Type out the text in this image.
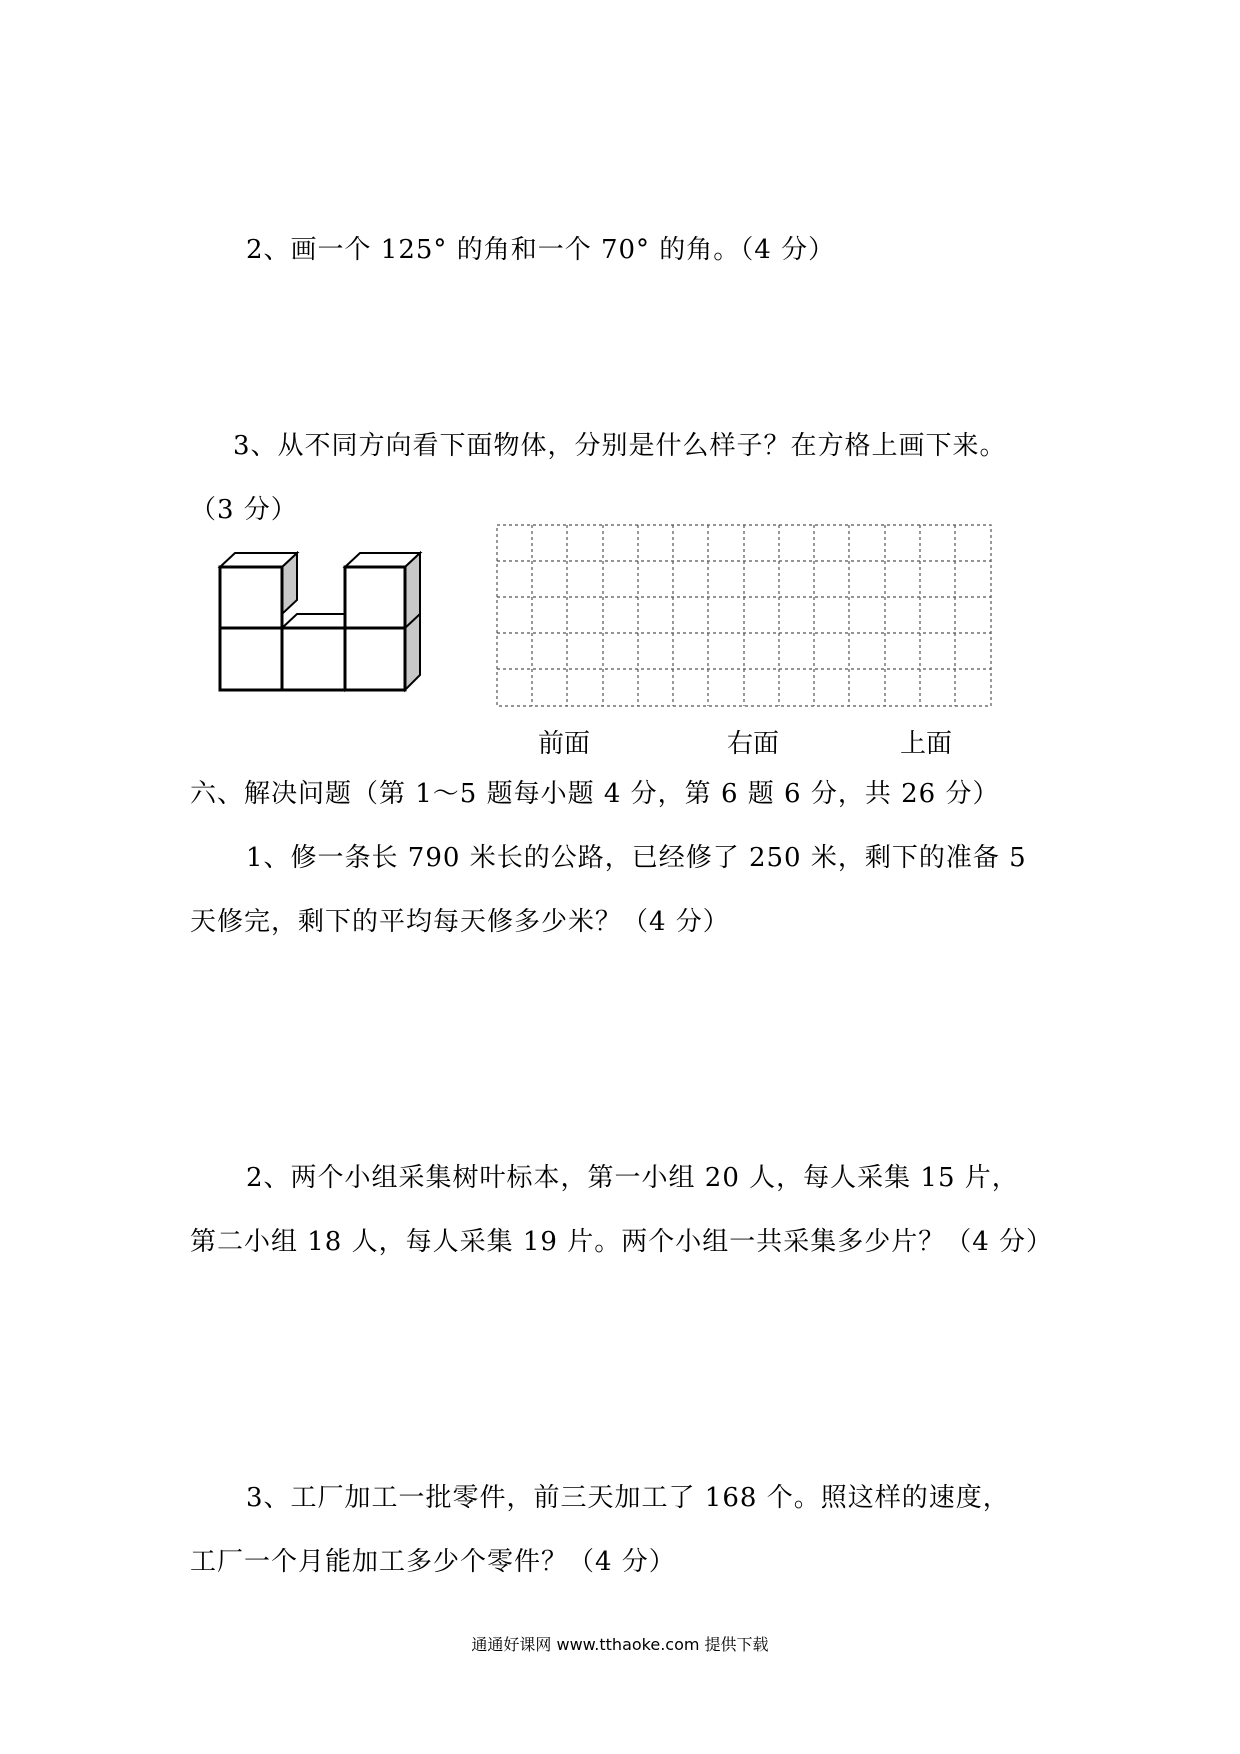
2、画一个 125° 的角和一个 70° 的角。（4 分）
3、从不同方向看下面物体，分别是什么样子？在方格上画下来。
（3 分）
前面	右面	上面
六、解决问题（第 1～5 题每小题 4 分，第 6 题 6 分，共 26 分）
1、修一条长 790 米长的公路，已经修了 250 米，剩下的准备 5
天修完，剩下的平均每天修多少米？（4 分）
2、两个小组采集树叶标本，第一小组 20 人，每人采集 15 片，
第二小组 18 人，每人采集 19 片。两个小组一共采集多少片？（4 分）
3、工厂加工一批零件，前三天加工了 168 个。照这样的速度，
工厂一个月能加工多少个零件？（4 分）
通通好课网 www.tthaoke.com 提供下载
